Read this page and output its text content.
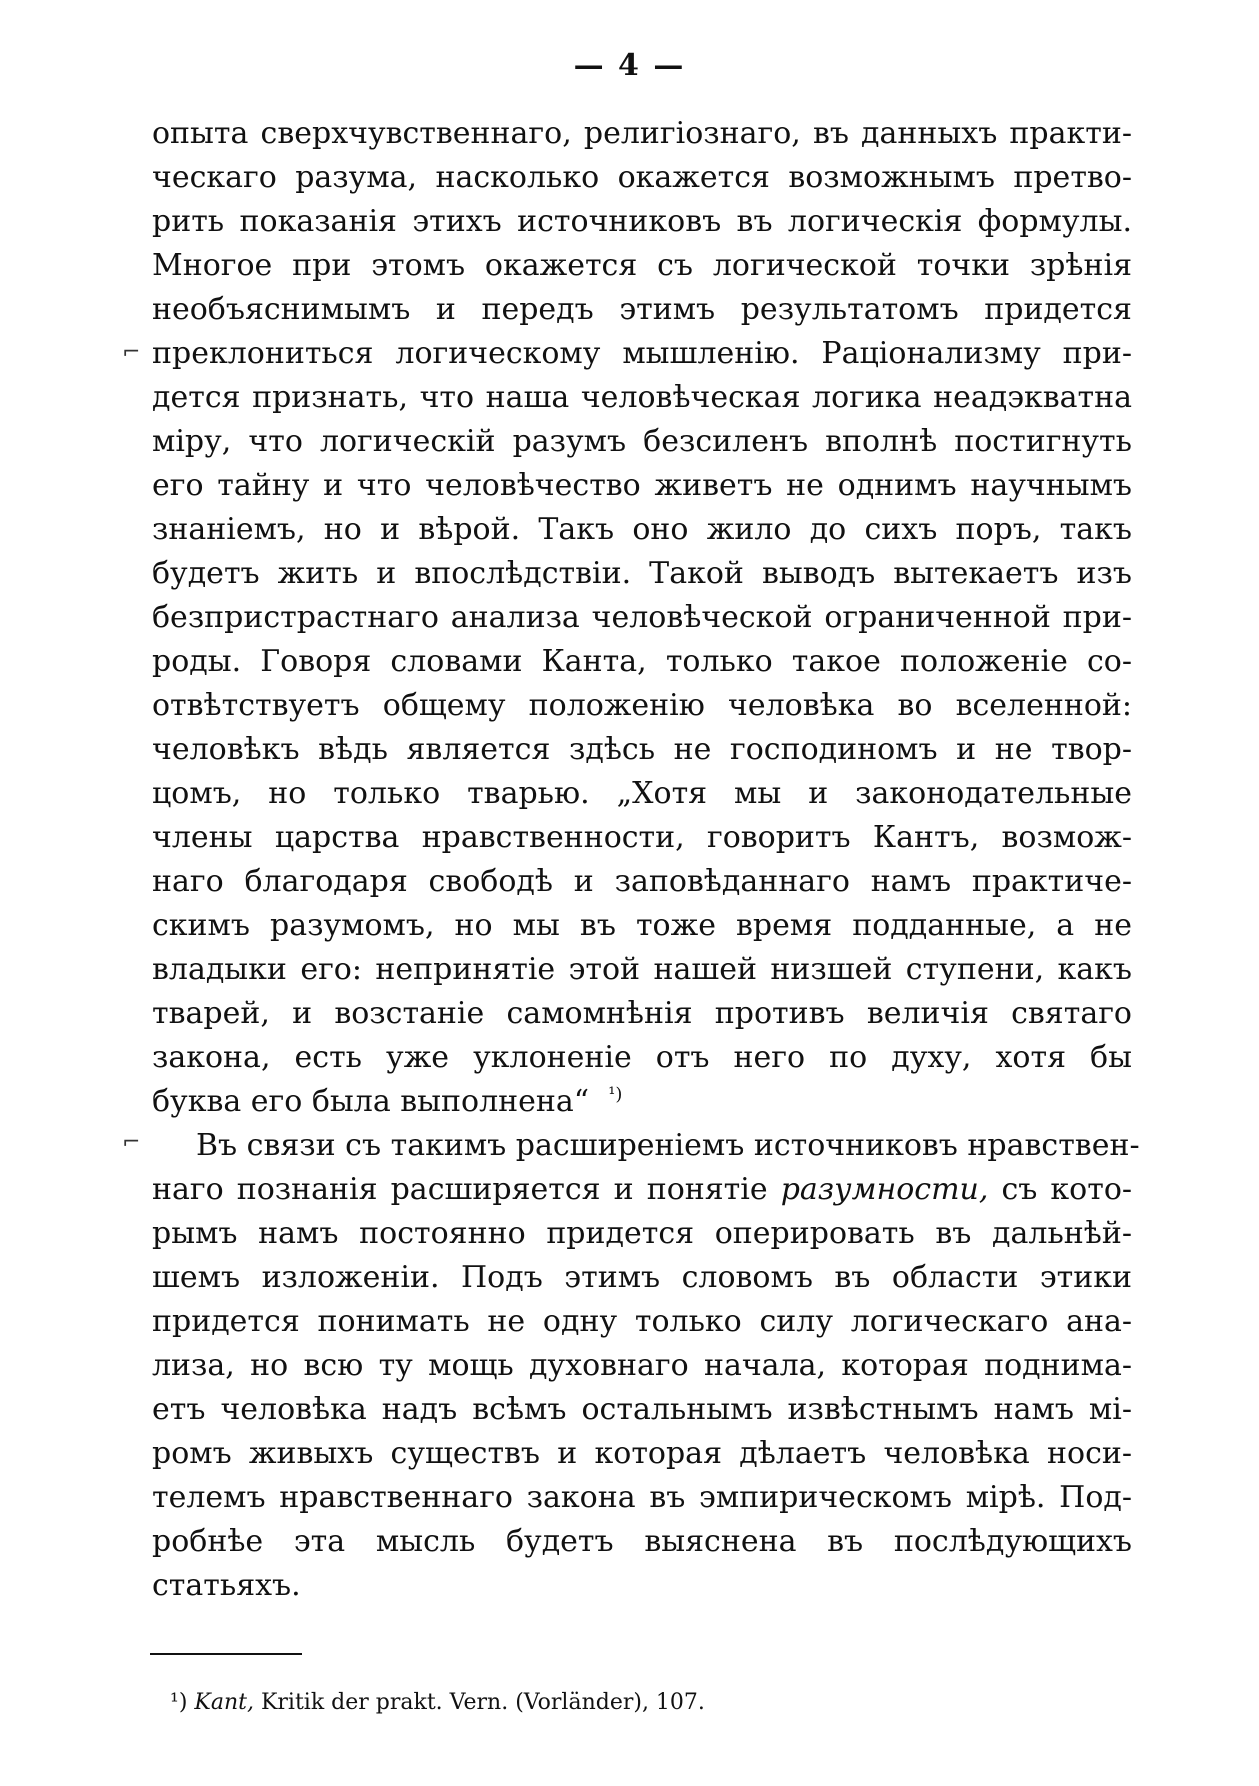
— 4 —
⌐
⌐
опыта сверхчувственнаго, религіознаго, въ данныхъ практи-
ческаго разума, насколько окажется возможнымъ претво-
рить показанія этихъ источниковъ въ логическія формулы.
Многое при этомъ окажется съ логической точки зрѣнія
необъяснимымъ и передъ этимъ результатомъ придется
преклониться логическому мышленію. Раціонализму при-
дется признать, что наша человѣческая логика неадэкватна
міру, что логическій разумъ безсиленъ вполнѣ постигнуть
его тайну и что человѣчество живетъ не однимъ научнымъ
знаніемъ, но и вѣрой. Такъ оно жило до сихъ поръ, такъ
будетъ жить и впослѣдствіи. Такой выводъ вытекаетъ изъ
безпристрастнаго анализа человѣческой ограниченной при-
роды. Говоря словами Канта, только такое положеніе со-
отвѣтствуетъ общему положенію человѣка во вселенной:
человѣкъ вѣдь является здѣсь не господиномъ и не твор-
цомъ, но только тварью. „Хотя мы и законодательные
члены царства нравственности, говоритъ Кантъ, возмож-
наго благодаря свободѣ и заповѣданнаго намъ практиче-
скимъ разумомъ, но мы въ тоже время подданные, а не
владыки его: непринятіе этой нашей низшей ступени, какъ
тварей, и возстаніе самомнѣнія противъ величія святаго
закона, есть уже уклоненіе отъ него по духу, хотя бы
буква его была выполнена“ $^{^1)}$
Въ связи съ такимъ расширеніемъ источниковъ нравствен-
наго познанія расширяется и понятіе разумности, съ кото-
рымъ намъ постоянно придется оперировать въ дальнѣй-
шемъ изложеніи. Подъ этимъ словомъ въ области этики
придется понимать не одну только силу логическаго ана-
лиза, но всю ту мощь духовнаго начала, которая поднима-
етъ человѣка надъ всѣмъ остальнымъ извѣстнымъ намъ мі-
ромъ живыхъ существъ и которая дѣлаетъ человѣка носи-
телемъ нравственнаго закона въ эмпирическомъ мірѣ. Под-
робнѣе эта мысль будетъ выяснена въ послѣдующихъ
статьяхъ.
¹) Kant, Kritik der prakt. Vern. (Vorländer), 107.
